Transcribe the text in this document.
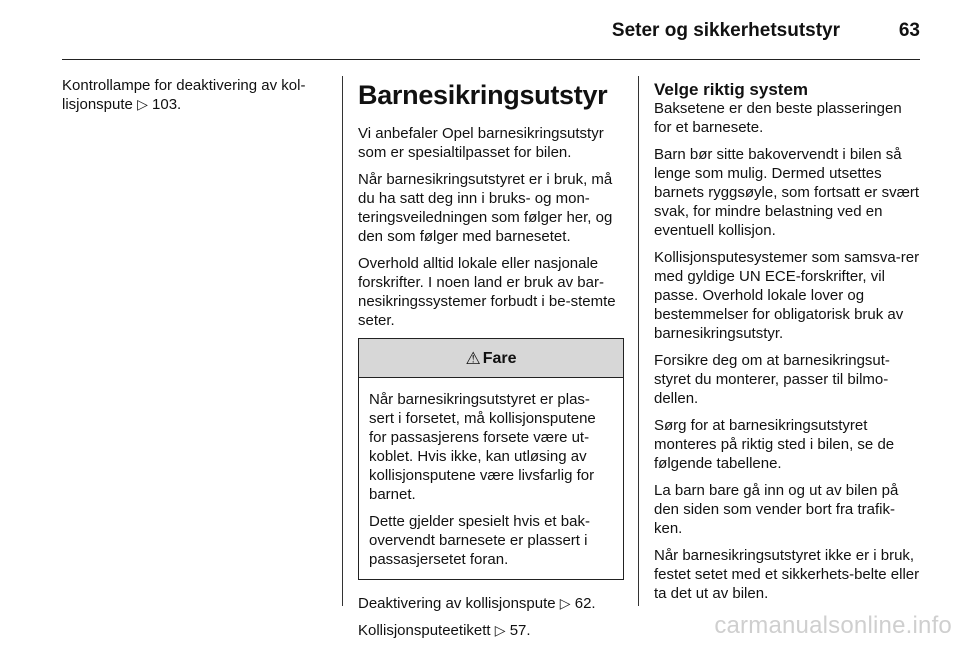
Seter og sikkerhetsutstyr	63

Kontrollampe for deaktivering av kol-lisjonspute ▷ 103.	Barnesikringsutstyr

Vi anbefaler Opel barnesikringsutstyr som er spesialtilpasset for bilen.

Når barnesikringsutstyret er i bruk, må du ha satt deg inn i bruks- og mon-teringsveiledningen som følger her, og den som følger med barnesetet.

Overhold alltid lokale eller nasjonale forskrifter. I noen land er bruk av bar-nesikringssystemer forbudt i be-stemte seter.

⚠ Fare

Når barnesikringsutstyret er plas-sert i forsetet, må kollisjonsputene for passasjerens forsete være ut-koblet. Hvis ikke, kan utløsing av kollisjonsputene være livsfarlig for barnet.

Dette gjelder spesielt hvis et bak-overvendt barnesete er plassert i passasjersetet foran.

Deaktivering av kollisjonspute ▷ 62.

Kollisjonsputeetikett ▷ 57.

Velge riktig system

Baksetene er den beste plasseringen for et barnesete.

Barn bør sitte bakovervendt i bilen så lenge som mulig. Dermed utsettes barnets ryggsøyle, som fortsatt er svært svak, for mindre belastning ved en eventuell kollisjon.

Kollisjonsputesystemer som samsva-rer med gyldige UN ECE-forskrifter, vil passe. Overhold lokale lover og bestemmelser for obligatorisk bruk av barnesikringsutstyr.

Forsikre deg om at barnesikringsut-styret du monterer, passer til bilmo-dellen.

Sørg for at barnesikringsutstyret monteres på riktig sted i bilen, se de følgende tabellene.

La barn bare gå inn og ut av bilen på den siden som vender bort fra trafik-ken.

Når barnesikringsutstyret ikke er i bruk, festet setet med et sikkerhets-belte eller ta det ut av bilen.

carmanualsonline.info
